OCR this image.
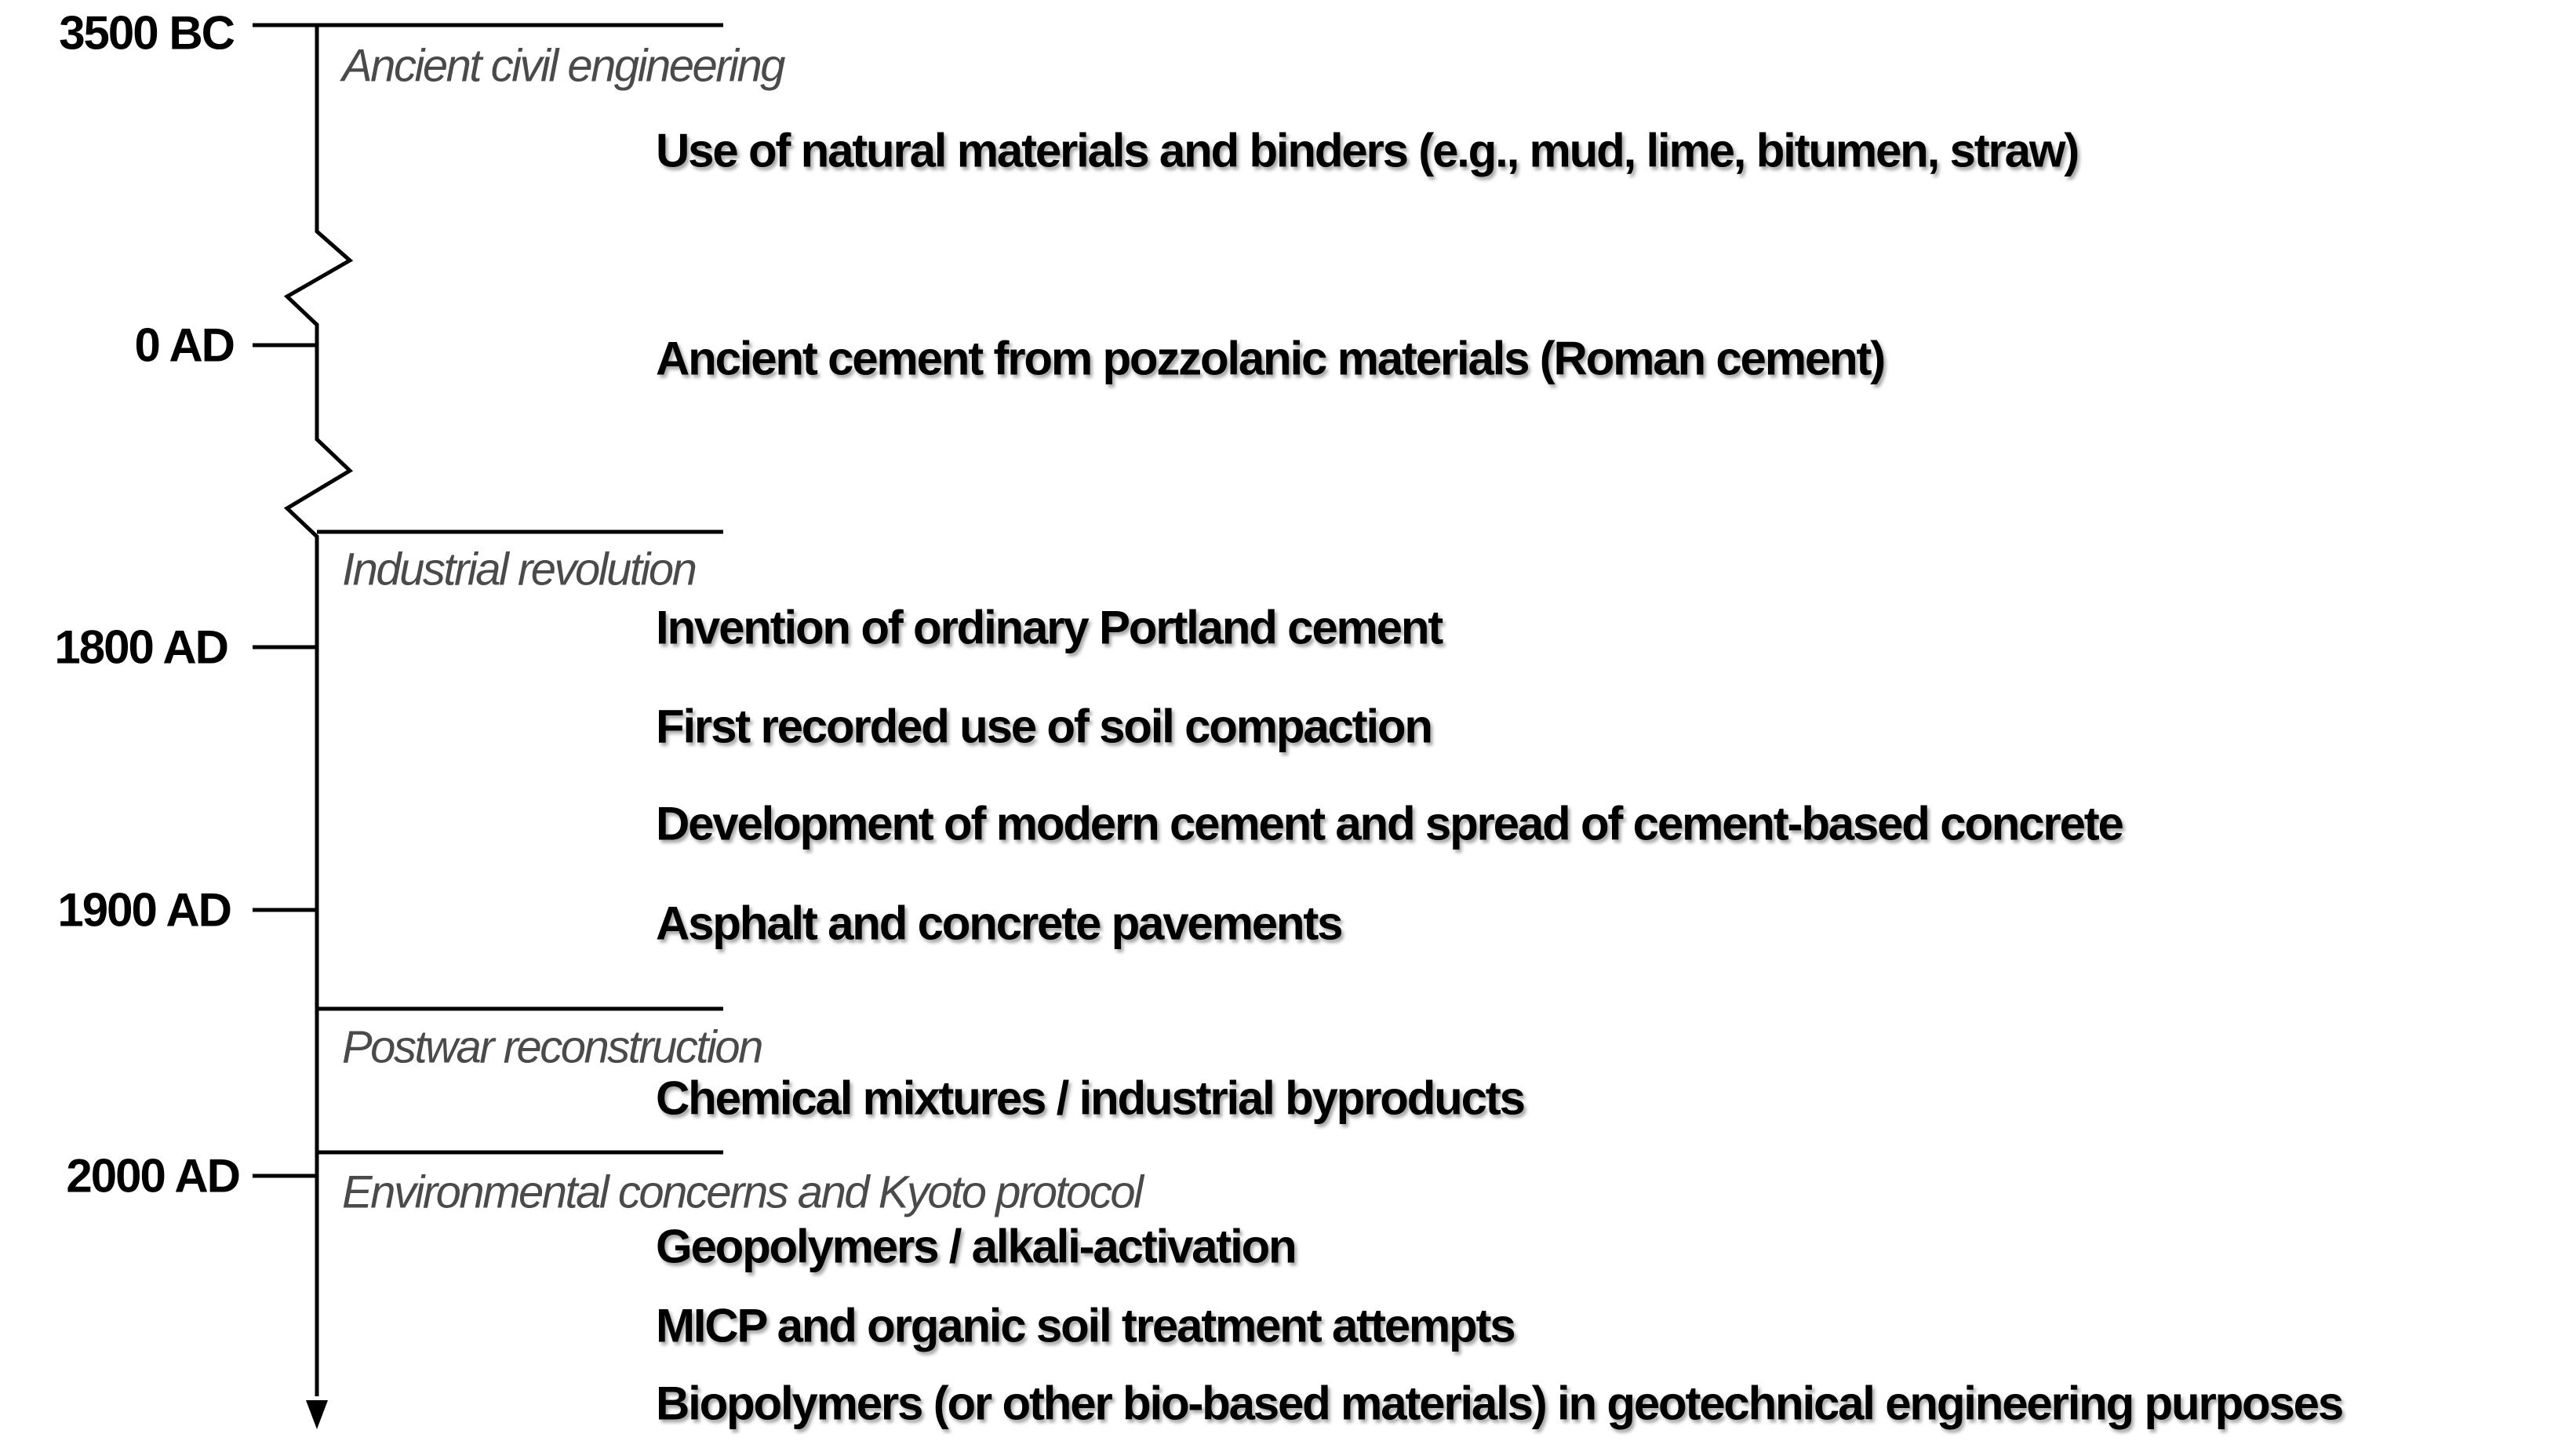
3500 BC
0 AD
1800 AD
1900 AD
2000 AD
Ancient civil engineering
Industrial revolution
Postwar reconstruction
Environmental concerns and Kyoto protocol
Use of natural materials and binders (e.g., mud, lime, bitumen, straw)
Ancient cement from pozzolanic materials (Roman cement)
Invention of ordinary Portland cement
First recorded use of soil compaction
Development of modern cement and spread of cement-based concrete
Asphalt and concrete pavements
Chemical mixtures / industrial byproducts
Geopolymers / alkali-activation
MICP and organic soil treatment attempts
Biopolymers (or other bio-based materials) in geotechnical engineering purposes
